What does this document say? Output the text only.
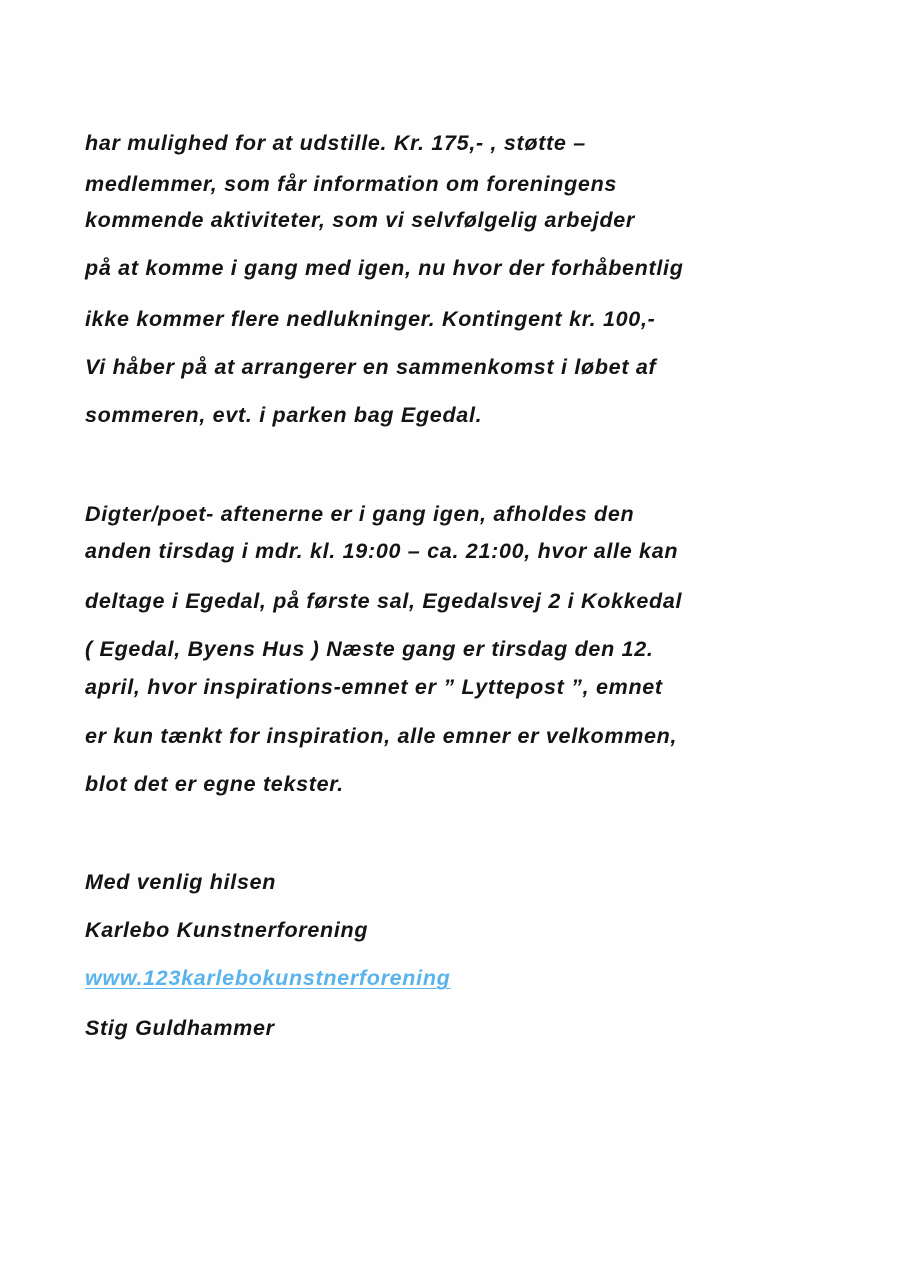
har mulighed for at udstille. Kr. 175,- , støtte –

medlemmer, som får information om foreningens

kommende aktiviteter, som vi selvfølgelig arbejder

på at komme i gang med igen, nu hvor der forhåbentlig

ikke kommer flere nedlukninger. Kontingent kr. 100,-

Vi håber på at arrangerer en sammenkomst i løbet af

sommeren, evt. i parken bag Egedal.

Digter/poet- aftenerne er i gang igen, afholdes den

anden tirsdag i mdr. kl. 19:00 – ca. 21:00, hvor alle kan

deltage i Egedal, på første sal, Egedalsvej 2 i Kokkedal

( Egedal, Byens Hus ) Næste gang er tirsdag den 12.

april, hvor inspirations-emnet er ” Lyttepost ”, emnet

er kun tænkt for inspiration, alle emner er velkommen,

blot det er egne tekster.

Med venlig hilsen

Karlebo Kunstnerforening

www.123karlebokunstnerforening

Stig Guldhammer
